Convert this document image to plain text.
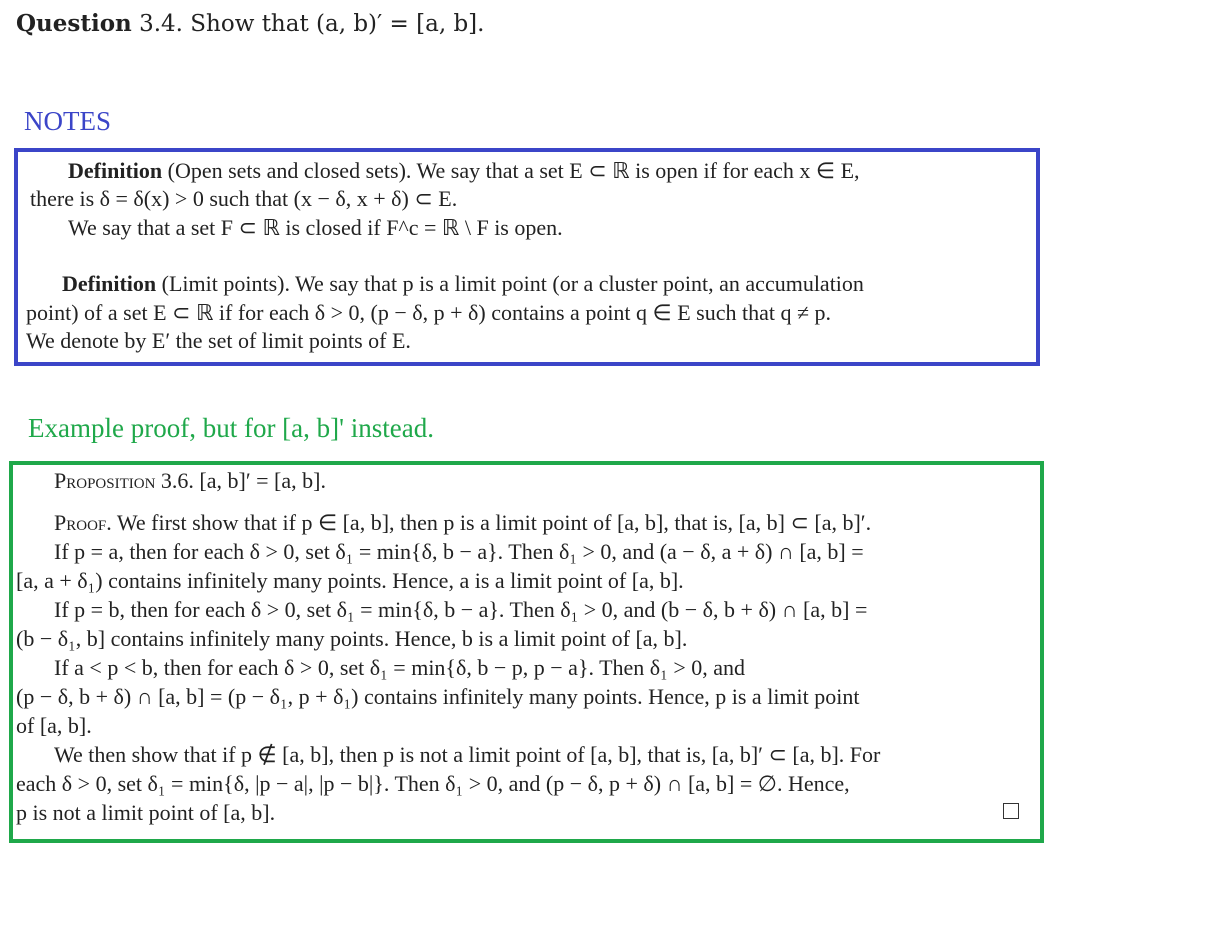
Question 3.4. Show that (a, b)′ = [a, b].
NOTES
Definition (Open sets and closed sets). We say that a set E ⊂ ℝ is open if for each x ∈ E,
there is δ = δ(x) > 0 such that (x − δ, x + δ) ⊂ E.
We say that a set F ⊂ ℝ is closed if F^c = ℝ \ F is open.
Definition (Limit points). We say that p is a limit point (or a cluster point, an accumulation
point) of a set E ⊂ ℝ if for each δ > 0, (p − δ, p + δ) contains a point q ∈ E such that q ≠ p.
We denote by E′ the set of limit points of E.
Example proof, but for [a, b]' instead.
Proposition 3.6. [a, b]′ = [a, b].
Proof. We first show that if p ∈ [a, b], then p is a limit point of [a, b], that is, [a, b] ⊂ [a, b]′.
If p = a, then for each δ > 0, set δ₁ = min{δ, b − a}. Then δ₁ > 0, and (a − δ, a + δ) ∩ [a, b] =
[a, a + δ₁) contains infinitely many points. Hence, a is a limit point of [a, b].
If p = b, then for each δ > 0, set δ₁ = min{δ, b − a}. Then δ₁ > 0, and (b − δ, b + δ) ∩ [a, b] =
(b − δ₁, b] contains infinitely many points. Hence, b is a limit point of [a, b].
If a < p < b, then for each δ > 0, set δ₁ = min{δ, b − p, p − a}. Then δ₁ > 0, and
(p − δ, b + δ) ∩ [a, b] = (p − δ₁, p + δ₁) contains infinitely many points. Hence, p is a limit point
of [a, b].
We then show that if p ∉ [a, b], then p is not a limit point of [a, b], that is, [a, b]′ ⊂ [a, b]. For
each δ > 0, set δ₁ = min{δ, |p − a|, |p − b|}. Then δ₁ > 0, and (p − δ, p + δ) ∩ [a, b] = ∅. Hence,
p is not a limit point of [a, b].
